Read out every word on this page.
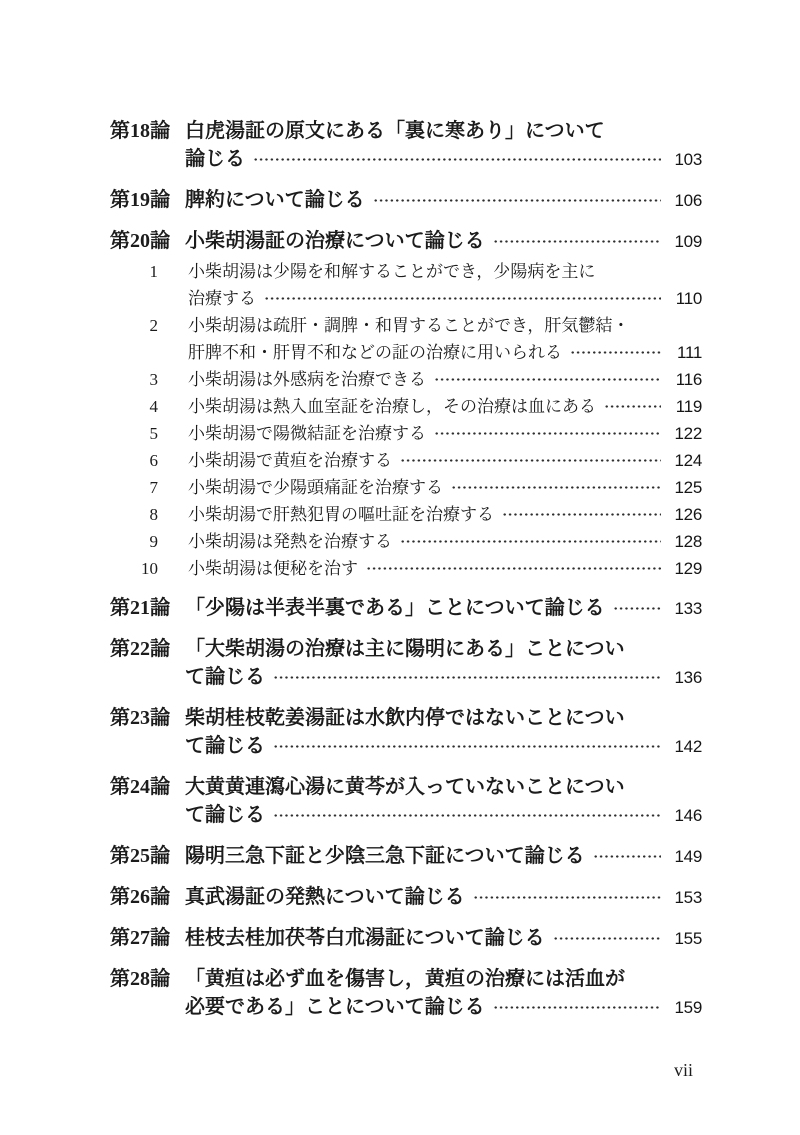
第18論 白虎湯証の原文にある「裏に寒あり」について
論じる	103
第19論 脾約について論じる	106
第20論 小柴胡湯証の治療について論じる	109
1 小柴胡湯は少陽を和解することができ，少陽病を主に
治療する	110
2 小柴胡湯は疏肝・調脾・和胃することができ，肝気鬱結・
肝脾不和・肝胃不和などの証の治療に用いられる	111
3 小柴胡湯は外感病を治療できる	116
4 小柴胡湯は熱入血室証を治療し，その治療は血にある	119
5 小柴胡湯で陽微結証を治療する	122
6 小柴胡湯で黄疸を治療する	124
7 小柴胡湯で少陽頭痛証を治療する	125
8 小柴胡湯で肝熱犯胃の嘔吐証を治療する	126
9 小柴胡湯は発熱を治療する	128
10 小柴胡湯は便秘を治す	129
第21論 「少陽は半表半裏である」ことについて論じる	133
第22論 「大柴胡湯の治療は主に陽明にある」ことについ
て論じる	136
第23論 柴胡桂枝乾姜湯証は水飲内停ではないことについ
て論じる	142
第24論 大黄黄連瀉心湯に黄芩が入っていないことについ
て論じる	146
第25論 陽明三急下証と少陰三急下証について論じる	149
第26論 真武湯証の発熱について論じる	153
第27論 桂枝去桂加茯苓白朮湯証について論じる	155
第28論 「黄疸は必ず血を傷害し，黄疸の治療には活血が
必要である」ことについて論じる	159
vii
